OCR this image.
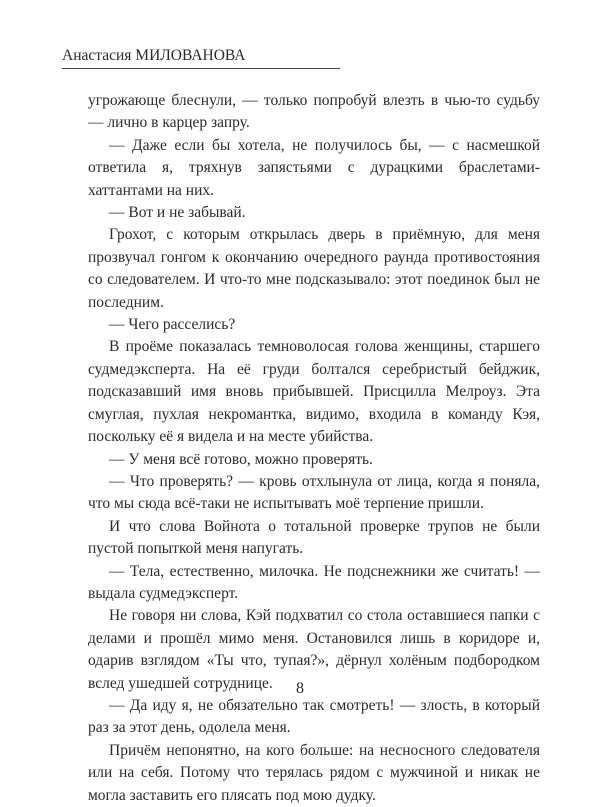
Анастасия МИЛОВАНОВА

угрожающе блеснули, — только попробуй влезть в чью-то судьбу — лично в карцер запру.

— Даже если бы хотела, не получилось бы, — с насмешкой ответила я, тряхнув запястьями с дурацкими браслетами-хаттантами на них.

— Вот и не забывай.

Грохот, с которым открылась дверь в приёмную, для меня прозвучал гонгом к окончанию очередного раунда противостояния со следователем. И что-то мне подсказывало: этот поединок был не последним.

— Чего расселись?

В проёме показалась темноволосая голова женщины, старшего судмедэксперта. На её груди болтался серебристый бейджик, подсказавший имя вновь прибывшей. Присцилла Мелроуз. Эта смуглая, пухлая некромантка, видимо, входила в команду Кэя, поскольку её я видела и на месте убийства.

— У меня всё готово, можно проверять.

— Что проверять? — кровь отхлынула от лица, когда я поняла, что мы сюда всё-таки не испытывать моё терпение пришли.

И что слова Войнота о тотальной проверке трупов не были пустой попыткой меня напугать.

— Тела, естественно, милочка. Не подснежники же считать! — выдала судмедэксперт.

Не говоря ни слова, Кэй подхватил со стола оставшиеся папки с делами и прошёл мимо меня. Остановился лишь в коридоре и, одарив взглядом «Ты что, тупая?», дёрнул холёным подбородком вслед ушедшей сотруднице.

— Да иду я, не обязательно так смотреть! — злость, в который раз за этот день, одолела меня.

Причём непонятно, на кого больше: на несносного следователя или на себя. Потому что терялась рядом с мужчиной и никак не могла заставить его плясать под мою дудку.

8
